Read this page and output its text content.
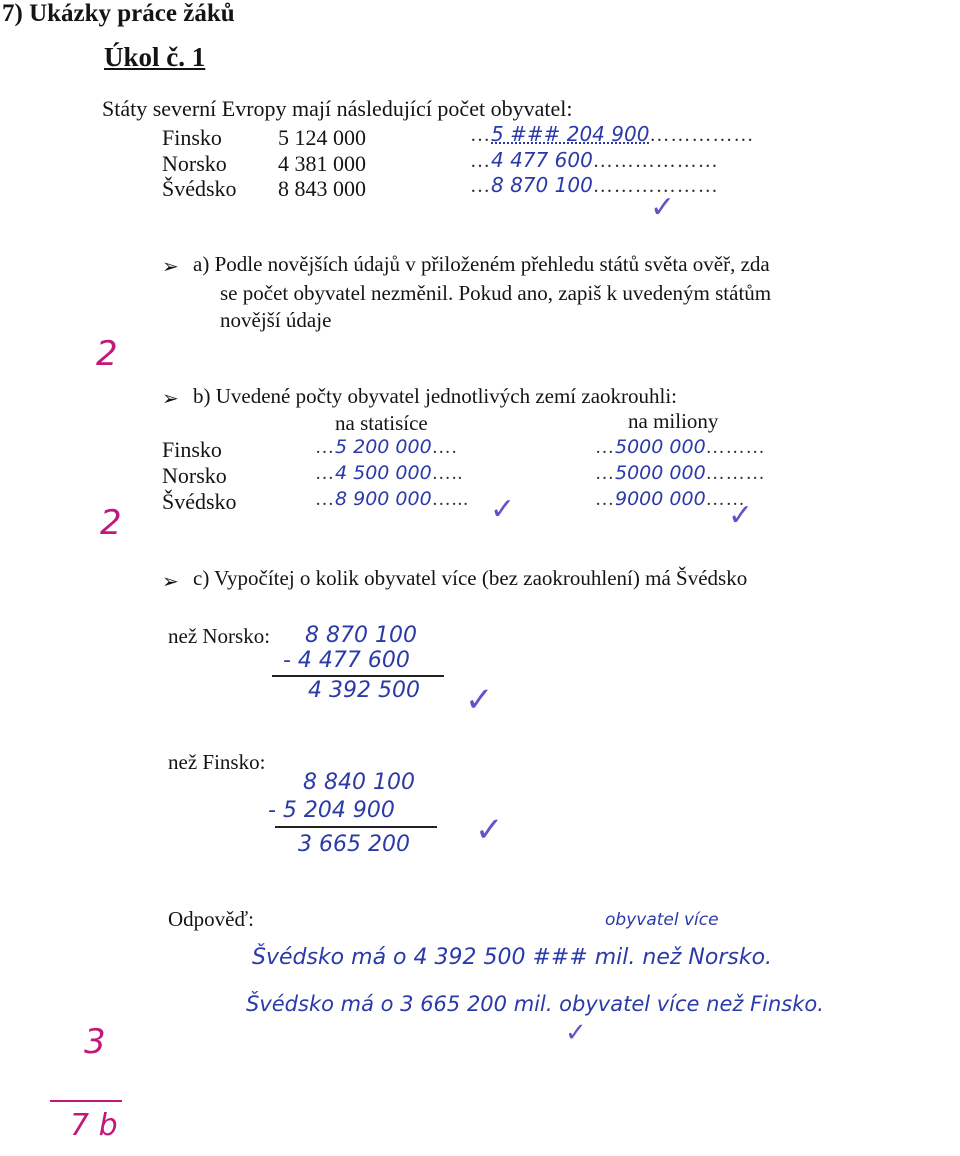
7) Ukázky práce žáků
Úkol č. 1
Státy severní Evropy mají následující počet obyvatel:
Finsko	5 124 000	…5 ### 204 900……………
Norsko 4 381 000	…4 477 600………………
Švédsko 8 843 000	…8 870 100………………
✓
➢ a) Podle novějších údajů v přiloženém přehledu států světa ověř, zda
se počet obyvatel nezměnil. Pokud ano, zapiš k uvedeným státům
novější údaje
2
➢ b) Uvedené počty obyvatel jednotlivých zemí zaokrouhli:
na statisíce	na miliony
Finsko	…5 200 000….	…5000 000………
Norsko	…4 500 000…..	…5000 000………
Švédsko	…8 900 000…...	…9000 000……
✓	✓
2
➢ c) Vypočítej o kolik obyvatel více (bez zaokrouhlení) má Švédsko
než Norsko: 8 870 100
- 4 477 600
4 392 500 ✓
než Finsko:
8 840 100
- 5 204 900
3 665 200 ✓
Odpověď:	obyvatel více
Švédsko má o 4 392 500 ### mil. než Norsko.
Švédsko má o 3 665 200 mil. obyvatel více než Finsko.
✓
3
7 b
